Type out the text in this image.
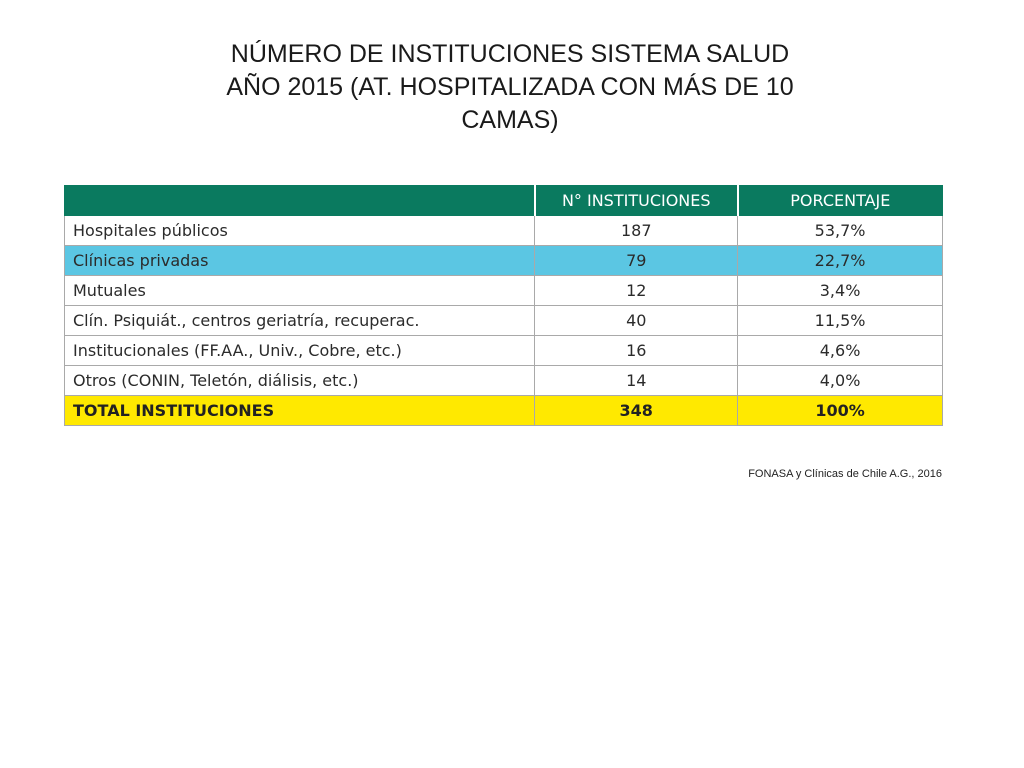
NÚMERO DE INSTITUCIONES SISTEMA SALUD
AÑO 2015 (AT. HOSPITALIZADA CON MÁS DE 10
CAMAS)
	N° INSTITUCIONES	PORCENTAJE
Hospitales públicos	187	53,7%
Clínicas privadas	79	22,7%
Mutuales	12	3,4%
Clín. Psiquiát., centros geriatría, recuperac.	40	11,5%
Institucionales (FF.AA., Univ., Cobre, etc.)	16	4,6%
Otros (CONIN, Teletón, diálisis, etc.)	14	4,0%
TOTAL INSTITUCIONES	348	100%
FONASA y Clínicas de Chile A.G., 2016
